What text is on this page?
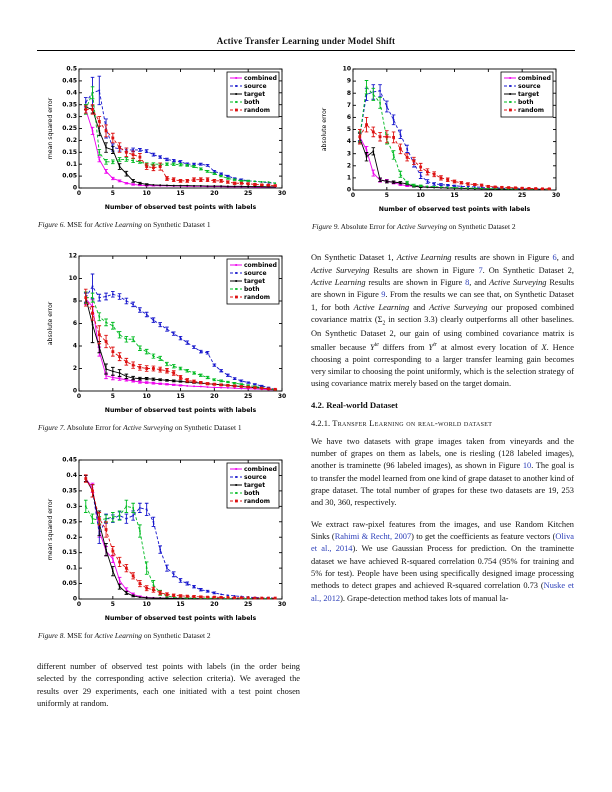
Active Transfer Learning under Model Shift
Figure 6. MSE for Active Learning on Synthetic Dataset 1
Figure 7. Absolute Error for Active Surveying on Synthetic Dataset 1
Figure 8. MSE for Active Learning on Synthetic Dataset 2

different number of observed test points with labels (in the order being selected by the corresponding active selection criteria). We averaged the results over 29 experiments, each one initiated with a test point chosen uniformly at random.

Figure 9. Absolute Error for Active Surveying on Synthetic Dataset 2

On Synthetic Dataset 1, Active Learning results are shown in Figure 6, and Active Surveying Results are shown in Figure 7. On Synthetic Dataset 2, Active Learning results are shown in Figure 8, and Active Surveying Results are shown in Figure 9. From the results we can see that, on Synthetic Dataset 1, for both Active Learning and Active Surveying our proposed combined covariance matrix ($\Sigma_2$ in section 3.3) clearly outperforms all other baselines. On Synthetic Dataset 2, our gain of using combined covariance matrix is smaller because $Y^{te}$ differs from $Y^{tr}$ at almost every location of X. Hence choosing a point corresponding to a larger transfer learning gain becomes very similar to choosing the point uniformly, which is the selection strategy of using covariance matrix merely based on the target domain.

4.2. Real-world Dataset
4.2.1. Transfer Learning on real-world dataset

We have two datasets with grape images taken from vineyards and the number of grapes on them as labels, one is riesling (128 labeled images), another is traminette (96 labeled images), as shown in Figure 10. The goal is to transfer the model learned from one kind of grape dataset to another kind of grape dataset. The total number of grapes for these two datasets are 19, 253 and 30, 360, respectively.

We extract raw-pixel features from the images, and use Random Kitchen Sinks (Rahimi & Recht, 2007) to get the coefficients as feature vectors (Oliva et al., 2014). We use Gaussian Process for prediction. On the traminette dataset we have achieved R-squared correlation 0.754 (95% for training and 5% for test). People have been using specifically designed image processing methods to detect grapes and achieved R-squared correlation 0.73 (Nuske et al., 2012). Grape-detection method takes lots of manual la-
